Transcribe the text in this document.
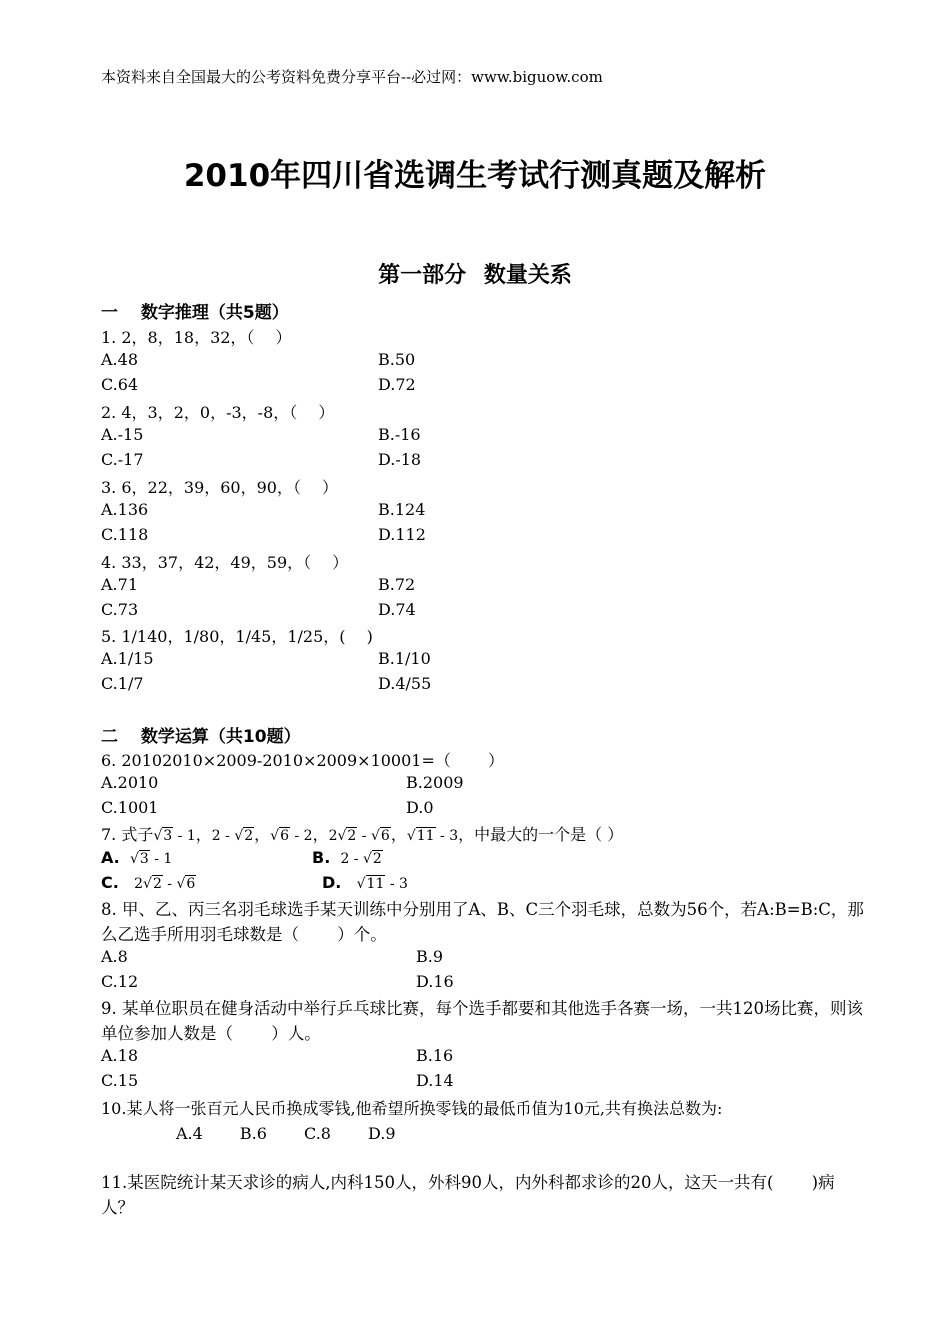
本资料来自全国最大的公考资料免费分享平台--必过网：www.biguow.com
2010年四川省选调生考试行测真题及解析
第一部分 数量关系
一　 数字推理（共5题）
1. 2，8，18，32，（　 ）
A.48	B.50
C.64	D.72
2. 4，3，2，0，-3，-8，（　 ）
A.-15	B.-16
C.-17	D.-18
3. 6，22，39，60，90，（　 ）
A.136	B.124
C.118	D.112
4. 33，37，42，49，59，（　 ）
A.71	B.72
C.73	D.74
5. 1/140，1/80，1/45，1/25，(　 )
A.1/15	B.1/10
C.1/7	D.4/55
二　 数学运算（共10题）
6. 20102010×2009-2010×2009×10001=（　　 ）
A.2010	B.2009
C.1001	D.0
7. 式子√3 - 1，2 - √2，√6 - 2，2√2 - √6，√11 - 3，中最大的一个是（ ）
A. √3 - 1	B. 2 - √2
C. 2√2 - √6	D. √11 - 3
8. 甲、乙、丙三名羽毛球选手某天训练中分别用了A、B、C三个羽毛球，总数为56个，若A:B=B:C，那么乙选手所用羽毛球数是（　　 ）个。
A.8	B.9
C.12	D.16
9. 某单位职员在健身活动中举行乒乓球比赛，每个选手都要和其他选手各赛一场，一共120场比赛，则该单位参加人数是（　　 ）人。
A.18	B.16
C.15	D.14
10.某人将一张百元人民币换成零钱,他希望所换零钱的最低币值为10元,共有换法总数为:
A.4　　 B.6　　 C.8　　 D.9
11.某医院统计某天求诊的病人,内科150人，外科90人，内外科都求诊的20人，这天一共有(　　 )病人？
